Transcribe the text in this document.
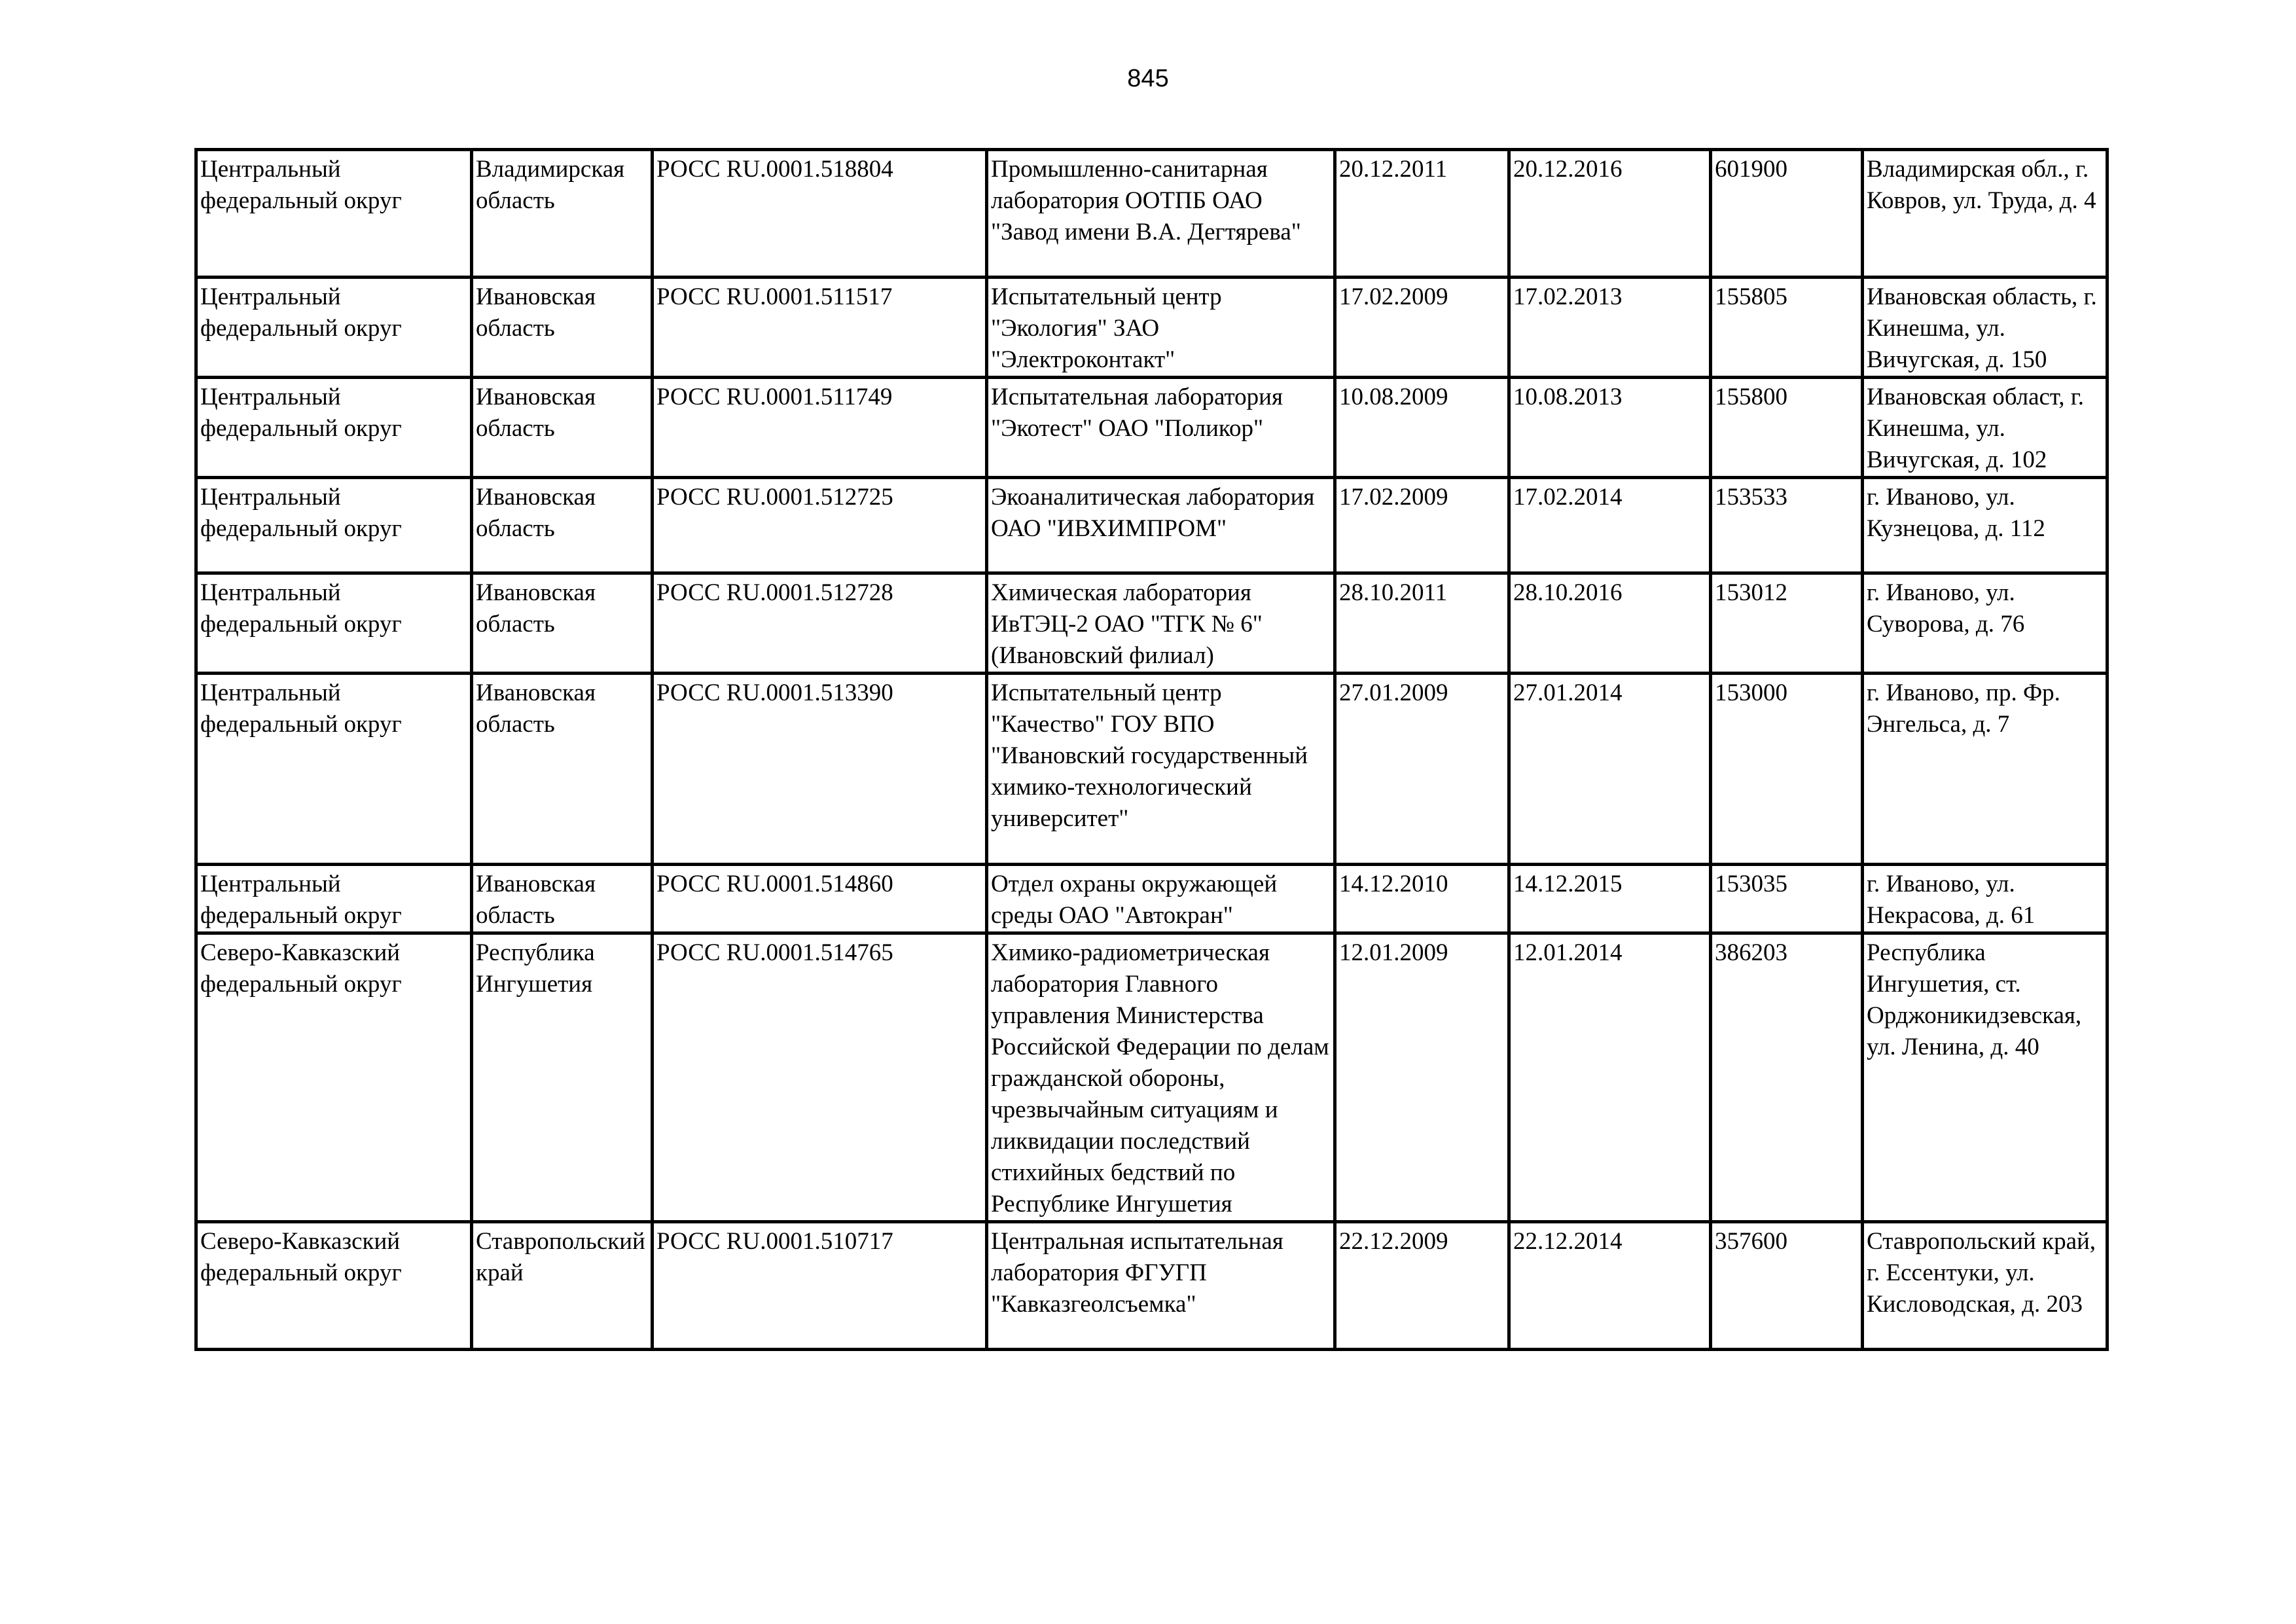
845
Центральный федеральный округ	Владимирская область	РОСС RU.0001.518804	Промышленно-санитарная лаборатория ООТПБ ОАО "Завод имени В.А. Дегтярева"	20.12.2011	20.12.2016	601900	Владимирская обл., г. Ковров, ул. Труда, д. 4

Центральный федеральный округ	Ивановская область	РОСС RU.0001.511517	Испытательный центр "Экология" ЗАО "Электроконтакт"	17.02.2009	17.02.2013	155805	Ивановская область, г. Кинешма, ул. Вичугская, д. 150

Центральный федеральный округ	Ивановская область	РОСС RU.0001.511749	Испытательная лаборатория "Экотест" ОАО "Поликор"	10.08.2009	10.08.2013	155800	Ивановская област, г. Кинешма, ул. Вичугская, д. 102

Центральный федеральный округ	Ивановская область	РОСС RU.0001.512725	Экоаналитическая лаборатория ОАО "ИВХИМПРОМ"	17.02.2009	17.02.2014	153533	г. Иваново, ул. Кузнецова, д. 112

Центральный федеральный округ	Ивановская область	РОСС RU.0001.512728	Химическая лаборатория ИвТЭЦ-2 ОАО "ТГК № 6" (Ивановский филиал)	28.10.2011	28.10.2016	153012	г. Иваново, ул. Суворова, д. 76

Центральный федеральный округ	Ивановская область	РОСС RU.0001.513390	Испытательный центр "Качество" ГОУ ВПО "Ивановский государственный химико-технологический университет"	27.01.2009	27.01.2014	153000	г. Иваново, пр. Фр. Энгельса, д. 7

Центральный федеральный округ	Ивановская область	РОСС RU.0001.514860	Отдел охраны окружающей среды ОАО "Автокран"	14.12.2010	14.12.2015	153035	г. Иваново, ул. Некрасова, д. 61

Северо-Кавказский федеральный округ	Республика Ингушетия	РОСС RU.0001.514765	Химико-радиометрическая лаборатория Главного управления Министерства Российской Федерации по делам гражданской обороны, чрезвычайным ситуациям и ликвидации последствий стихийных бедствий по Республике Ингушетия	12.01.2009	12.01.2014	386203	Республика Ингушетия, ст. Орджоникидзевская, ул. Ленина, д. 40

Северо-Кавказский федеральный округ	Ставропольский край	РОСС RU.0001.510717	Центральная испытательная лаборатория ФГУГП "Кавказгеолсъемка"	22.12.2009	22.12.2014	357600	Ставропольский край, г. Ессентуки, ул. Кисловодская, д. 203
